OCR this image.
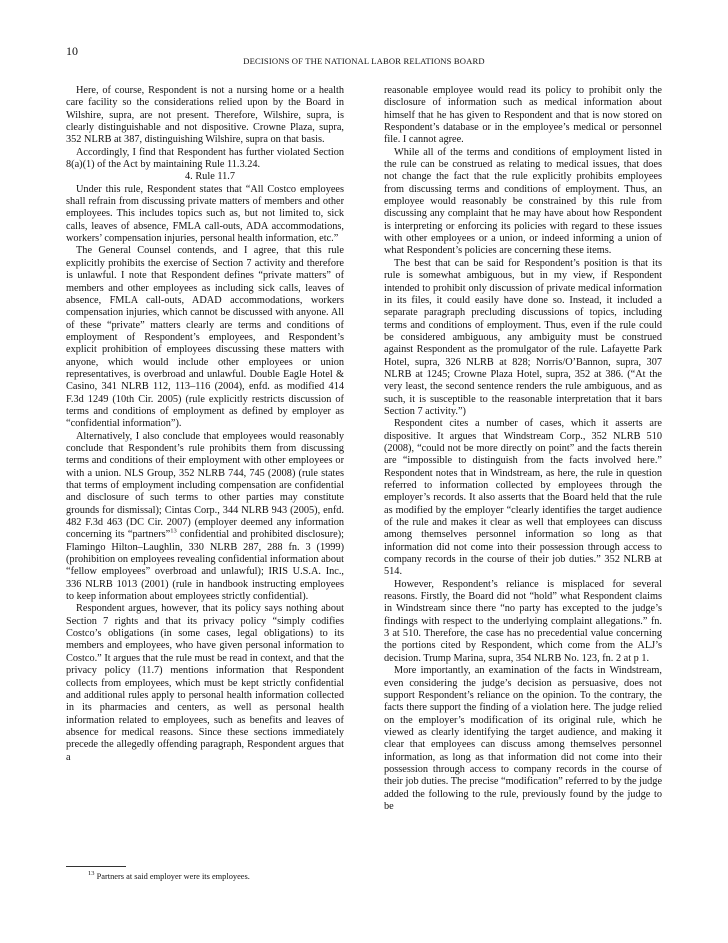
10
DECISIONS OF THE NATIONAL LABOR RELATIONS BOARD

Here, of course, Respondent is not a nursing home or a health care facility so the considerations relied upon by the Board in Wilshire, supra, are not present. Therefore, Wilshire, supra, is clearly distinguishable and not dispositive. Crowne Plaza, supra, 352 NLRB at 387, distinguishing Wilshire, supra on that basis.

Accordingly, I find that Respondent has further violated Section 8(a)(1) of the Act by maintaining Rule 11.3.24.

4. Rule 11.7

Under this rule, Respondent states that “All Costco employees shall refrain from discussing private matters of members and other employees. This includes topics such as, but not limited to, sick calls, leaves of absence, FMLA call-outs, ADA accommodations, workers’ compensation injuries, personal health information, etc.”

The General Counsel contends, and I agree, that this rule explicitly prohibits the exercise of Section 7 activity and therefore is unlawful. I note that Respondent defines “private matters” of members and other employees as including sick calls, leaves of absence, FMLA call-outs, ADAD accommodations, workers compensation injuries, which cannot be discussed with anyone. All of these “private” matters clearly are terms and conditions of employment of Respondent’s employees, and Respondent’s explicit prohibition of employees discussing these matters with anyone, which would include other employees or union representatives, is overbroad and unlawful. Double Eagle Hotel & Casino, 341 NLRB 112, 113–116 (2004), enfd. as modified 414 F.3d 1249 (10th Cir. 2005) (rule explicitly restricts discussion of terms and conditions of employment as defined by employer as “confidential information”).

Alternatively, I also conclude that employees would reasonably conclude that Respondent’s rule prohibits them from discussing terms and conditions of their employment with other employees or with a union. NLS Group, 352 NLRB 744, 745 (2008) (rule states that terms of employment including compensation are confidential and disclosure of such terms to other parties may constitute grounds for dismissal); Cintas Corp., 344 NLRB 943 (2005), enfd. 482 F.3d 463 (DC Cir. 2007) (employer deemed any information concerning its “partners”$^{13}$ confidential and prohibited disclosure); Flamingo Hilton–Laughlin, 330 NLRB 287, 288 fn. 3 (1999) (prohibition on employees revealing confidential information about “fellow employees” overbroad and unlawful); IRIS U.S.A. Inc., 336 NLRB 1013 (2001) (rule in handbook instructing employees to keep information about employees strictly confidential).

Respondent argues, however, that its policy says nothing about Section 7 rights and that its privacy policy “simply codifies Costco’s obligations (in some cases, legal obligations) to its members and employees, who have given personal information to Costco.” It argues that the rule must be read in context, and that the privacy policy (11.7) mentions information that Respondent collects from employees, which must be kept strictly confidential and additional rules apply to personal health information collected in its pharmacies and centers, as well as personal health information related to employees, such as benefits and leaves of absence for medical reasons. Since these sections immediately precede the allegedly offending paragraph, Respondent argues that a

reasonable employee would read its policy to prohibit only the disclosure of information such as medical information about himself that he has given to Respondent and that is now stored on Respondent’s database or in the employee’s medical or personnel file. I cannot agree.

While all of the terms and conditions of employment listed in the rule can be construed as relating to medical issues, that does not change the fact that the rule explicitly prohibits employees from discussing terms and conditions of employment. Thus, an employee would reasonably be constrained by this rule from discussing any complaint that he may have about how Respondent is interpreting or enforcing its policies with regard to these issues with other employees or a union, or indeed informing a union of what Respondent’s policies are concerning these items.

The best that can be said for Respondent’s position is that its rule is somewhat ambiguous, but in my view, if Respondent intended to prohibit only discussion of private medical information in its files, it could easily have done so. Instead, it included a separate paragraph precluding discussions of topics, including terms and conditions of employment. Thus, even if the rule could be considered ambiguous, any ambiguity must be construed against Respondent as the promulgator of the rule. Lafayette Park Hotel, supra, 326 NLRB at 828; Norris/O’Bannon, supra, 307 NLRB at 1245; Crowne Plaza Hotel, supra, 352 at 386. (“At the very least, the second sentence renders the rule ambiguous, and as such, it is susceptible to the reasonable interpretation that it bars Section 7 activity.”)

Respondent cites a number of cases, which it asserts are dispositive. It argues that Windstream Corp., 352 NLRB 510 (2008), “could not be more directly on point” and the facts therein are “impossible to distinguish from the facts involved here.” Respondent notes that in Windstream, as here, the rule in question referred to information collected by employees through the employer’s records. It also asserts that the Board held that the rule as modified by the employer “clearly identifies the target audience of the rule and makes it clear as well that employees can discuss among themselves personnel information so long as that information did not come into their possession through access to company records in the course of their job duties.” 352 NLRB at 514.

However, Respondent’s reliance is misplaced for several reasons. Firstly, the Board did not “hold” what Respondent claims in Windstream since there “no party has excepted to the judge’s findings with respect to the underlying complaint allegations.” fn. 3 at 510. Therefore, the case has no precedential value concerning the portions cited by Respondent, which come from the ALJ’s decision. Trump Marina, supra, 354 NLRB No. 123, fn. 2 at p 1.

More importantly, an examination of the facts in Windstream, even considering the judge’s decision as persuasive, does not support Respondent’s reliance on the opinion. To the contrary, the facts there support the finding of a violation here. The judge relied on the employer’s modification of its original rule, which he viewed as clearly identifying the target audience, and making it clear that employees can discuss among themselves personnel information, as long as that information did not come into their possession through access to company records in the course of their job duties. The precise “modification” referred to by the judge added the following to the rule, previously found by the judge to be

$^{13}$ Partners at said employer were its employees.
